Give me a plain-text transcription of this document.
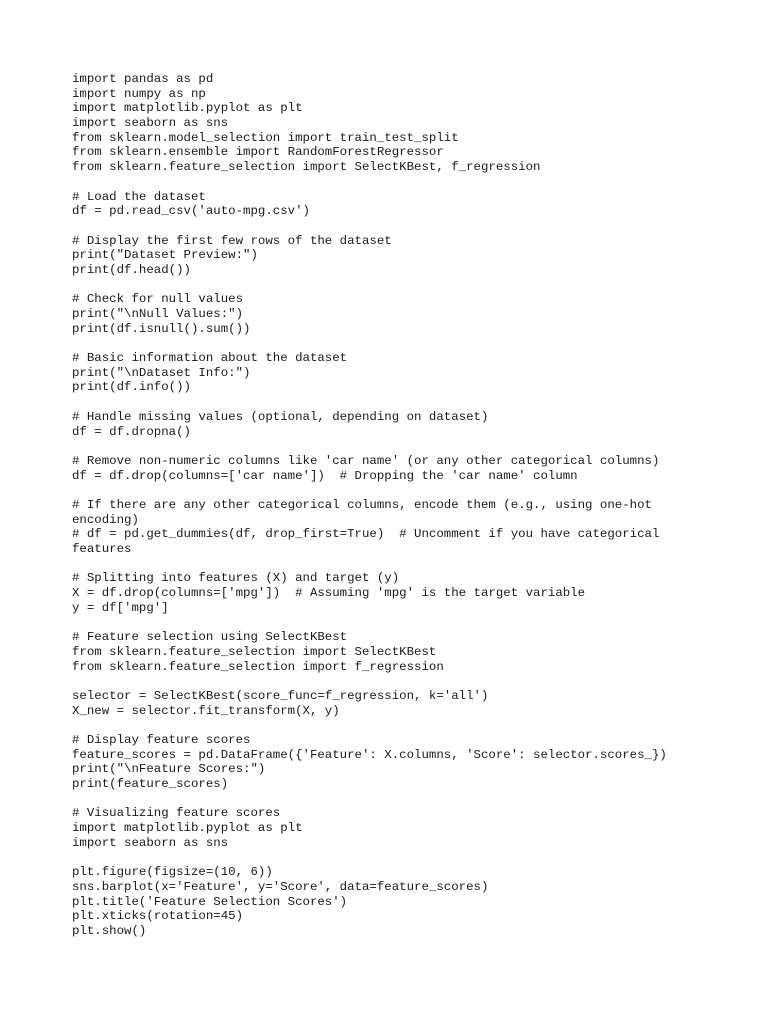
import pandas as pd
import numpy as np
import matplotlib.pyplot as plt
import seaborn as sns
from sklearn.model_selection import train_test_split
from sklearn.ensemble import RandomForestRegressor
from sklearn.feature_selection import SelectKBest, f_regression
# Load the dataset
df = pd.read_csv('auto-mpg.csv')
# Display the first few rows of the dataset
print("Dataset Preview:")
print(df.head())
# Check for null values
print("\nNull Values:")
print(df.isnull().sum())
# Basic information about the dataset
print("\nDataset Info:")
print(df.info())
# Handle missing values (optional, depending on dataset)
df = df.dropna()
# Remove non-numeric columns like 'car name' (or any other categorical columns)
df = df.drop(columns=['car name'])  # Dropping the 'car name' column
# If there are any other categorical columns, encode them (e.g., using one-hot
encoding)
# df = pd.get_dummies(df, drop_first=True)  # Uncomment if you have categorical
features
# Splitting into features (X) and target (y)
X = df.drop(columns=['mpg'])  # Assuming 'mpg' is the target variable
y = df['mpg']
# Feature selection using SelectKBest
from sklearn.feature_selection import SelectKBest
from sklearn.feature_selection import f_regression
selector = SelectKBest(score_func=f_regression, k='all')
X_new = selector.fit_transform(X, y)
# Display feature scores
feature_scores = pd.DataFrame({'Feature': X.columns, 'Score': selector.scores_})
print("\nFeature Scores:")
print(feature_scores)
# Visualizing feature scores
import matplotlib.pyplot as plt
import seaborn as sns
plt.figure(figsize=(10, 6))
sns.barplot(x='Feature', y='Score', data=feature_scores)
plt.title('Feature Selection Scores')
plt.xticks(rotation=45)
plt.show()
